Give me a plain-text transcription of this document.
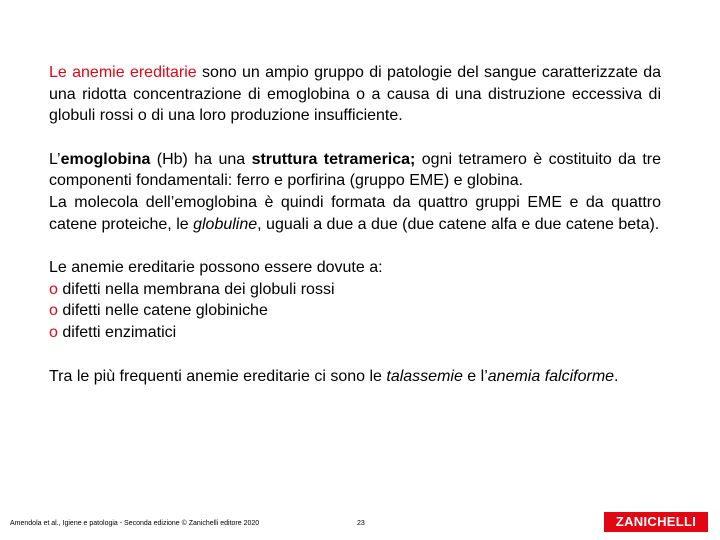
Le anemie ereditarie sono un ampio gruppo di patologie del sangue caratterizzate da una ridotta concentrazione di emoglobina o a causa di una distruzione eccessiva di globuli rossi o di una loro produzione insufficiente.

L’emoglobina (Hb) ha una struttura tetramerica; ogni tetramero è costituito da tre componenti fondamentali: ferro e porfirina (gruppo EME) e globina.

La molecola dell’emoglobina è quindi formata da quattro gruppi EME e da quattro catene proteiche, le globuline, uguali a due a due (due catene alfa e due catene beta).

Le anemie ereditarie possono essere dovute a:

o difetti nella membrana dei globuli rossi
o difetti nelle catene globiniche
o difetti enzimatici

Tra le più frequenti anemie ereditarie ci sono le talassemie e l’anemia falciforme.

Amendola et al., Igiene e patologia - Seconda edizione © Zanichelli editore 2020	23	ZANICHELLI
